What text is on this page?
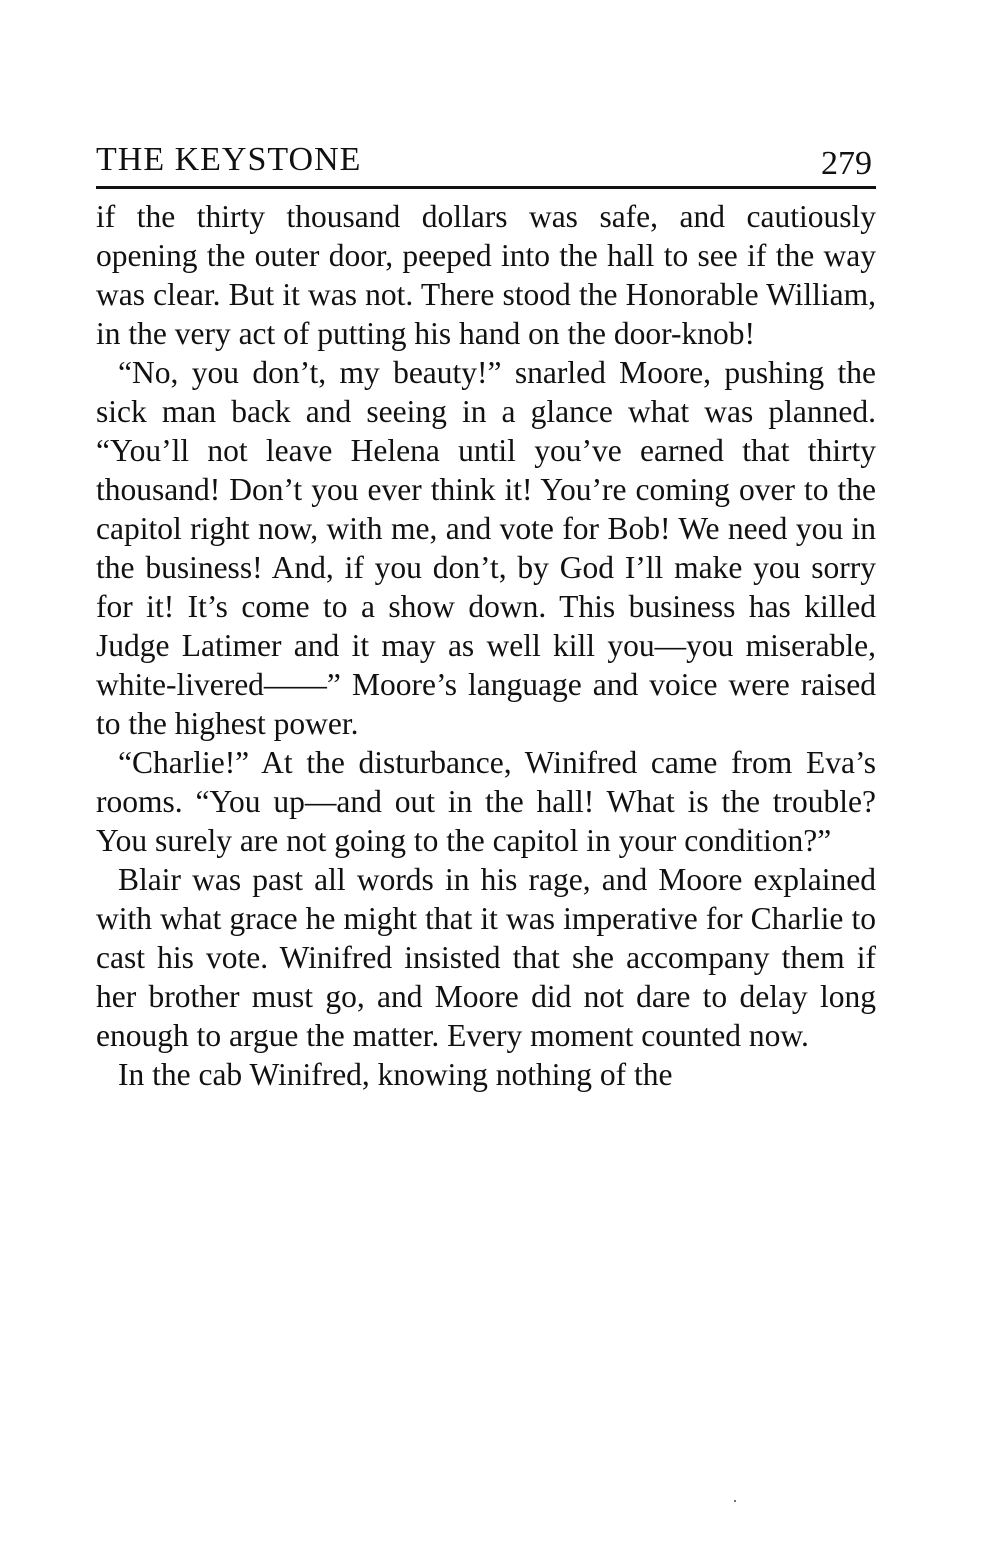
THE KEYSTONE	279

if the thirty thousand dollars was safe, and cautiously opening the outer door, peeped into the hall to see if the way was clear. But it was not. There stood the Honorable William, in the very act of putting his hand on the door-knob!

“No, you don’t, my beauty!” snarled Moore, pushing the sick man back and seeing in a glance what was planned. “You’ll not leave Helena until you’ve earned that thirty thousand! Don’t you ever think it! You’re coming over to the capitol right now, with me, and vote for Bob! We need you in the business! And, if you don’t, by God I’ll make you sorry for it! It’s come to a show down. This business has killed Judge Latimer and it may as well kill you—you miserable, white-livered——” Moore’s language and voice were raised to the highest power.

“Charlie!” At the disturbance, Winifred came from Eva’s rooms. “You up—and out in the hall! What is the trouble? You surely are not going to the capitol in your condition?”

Blair was past all words in his rage, and Moore explained with what grace he might that it was imperative for Charlie to cast his vote. Winifred insisted that she accompany them if her brother must go, and Moore did not dare to delay long enough to argue the matter. Every moment counted now.

In the cab Winifred, knowing nothing of the
